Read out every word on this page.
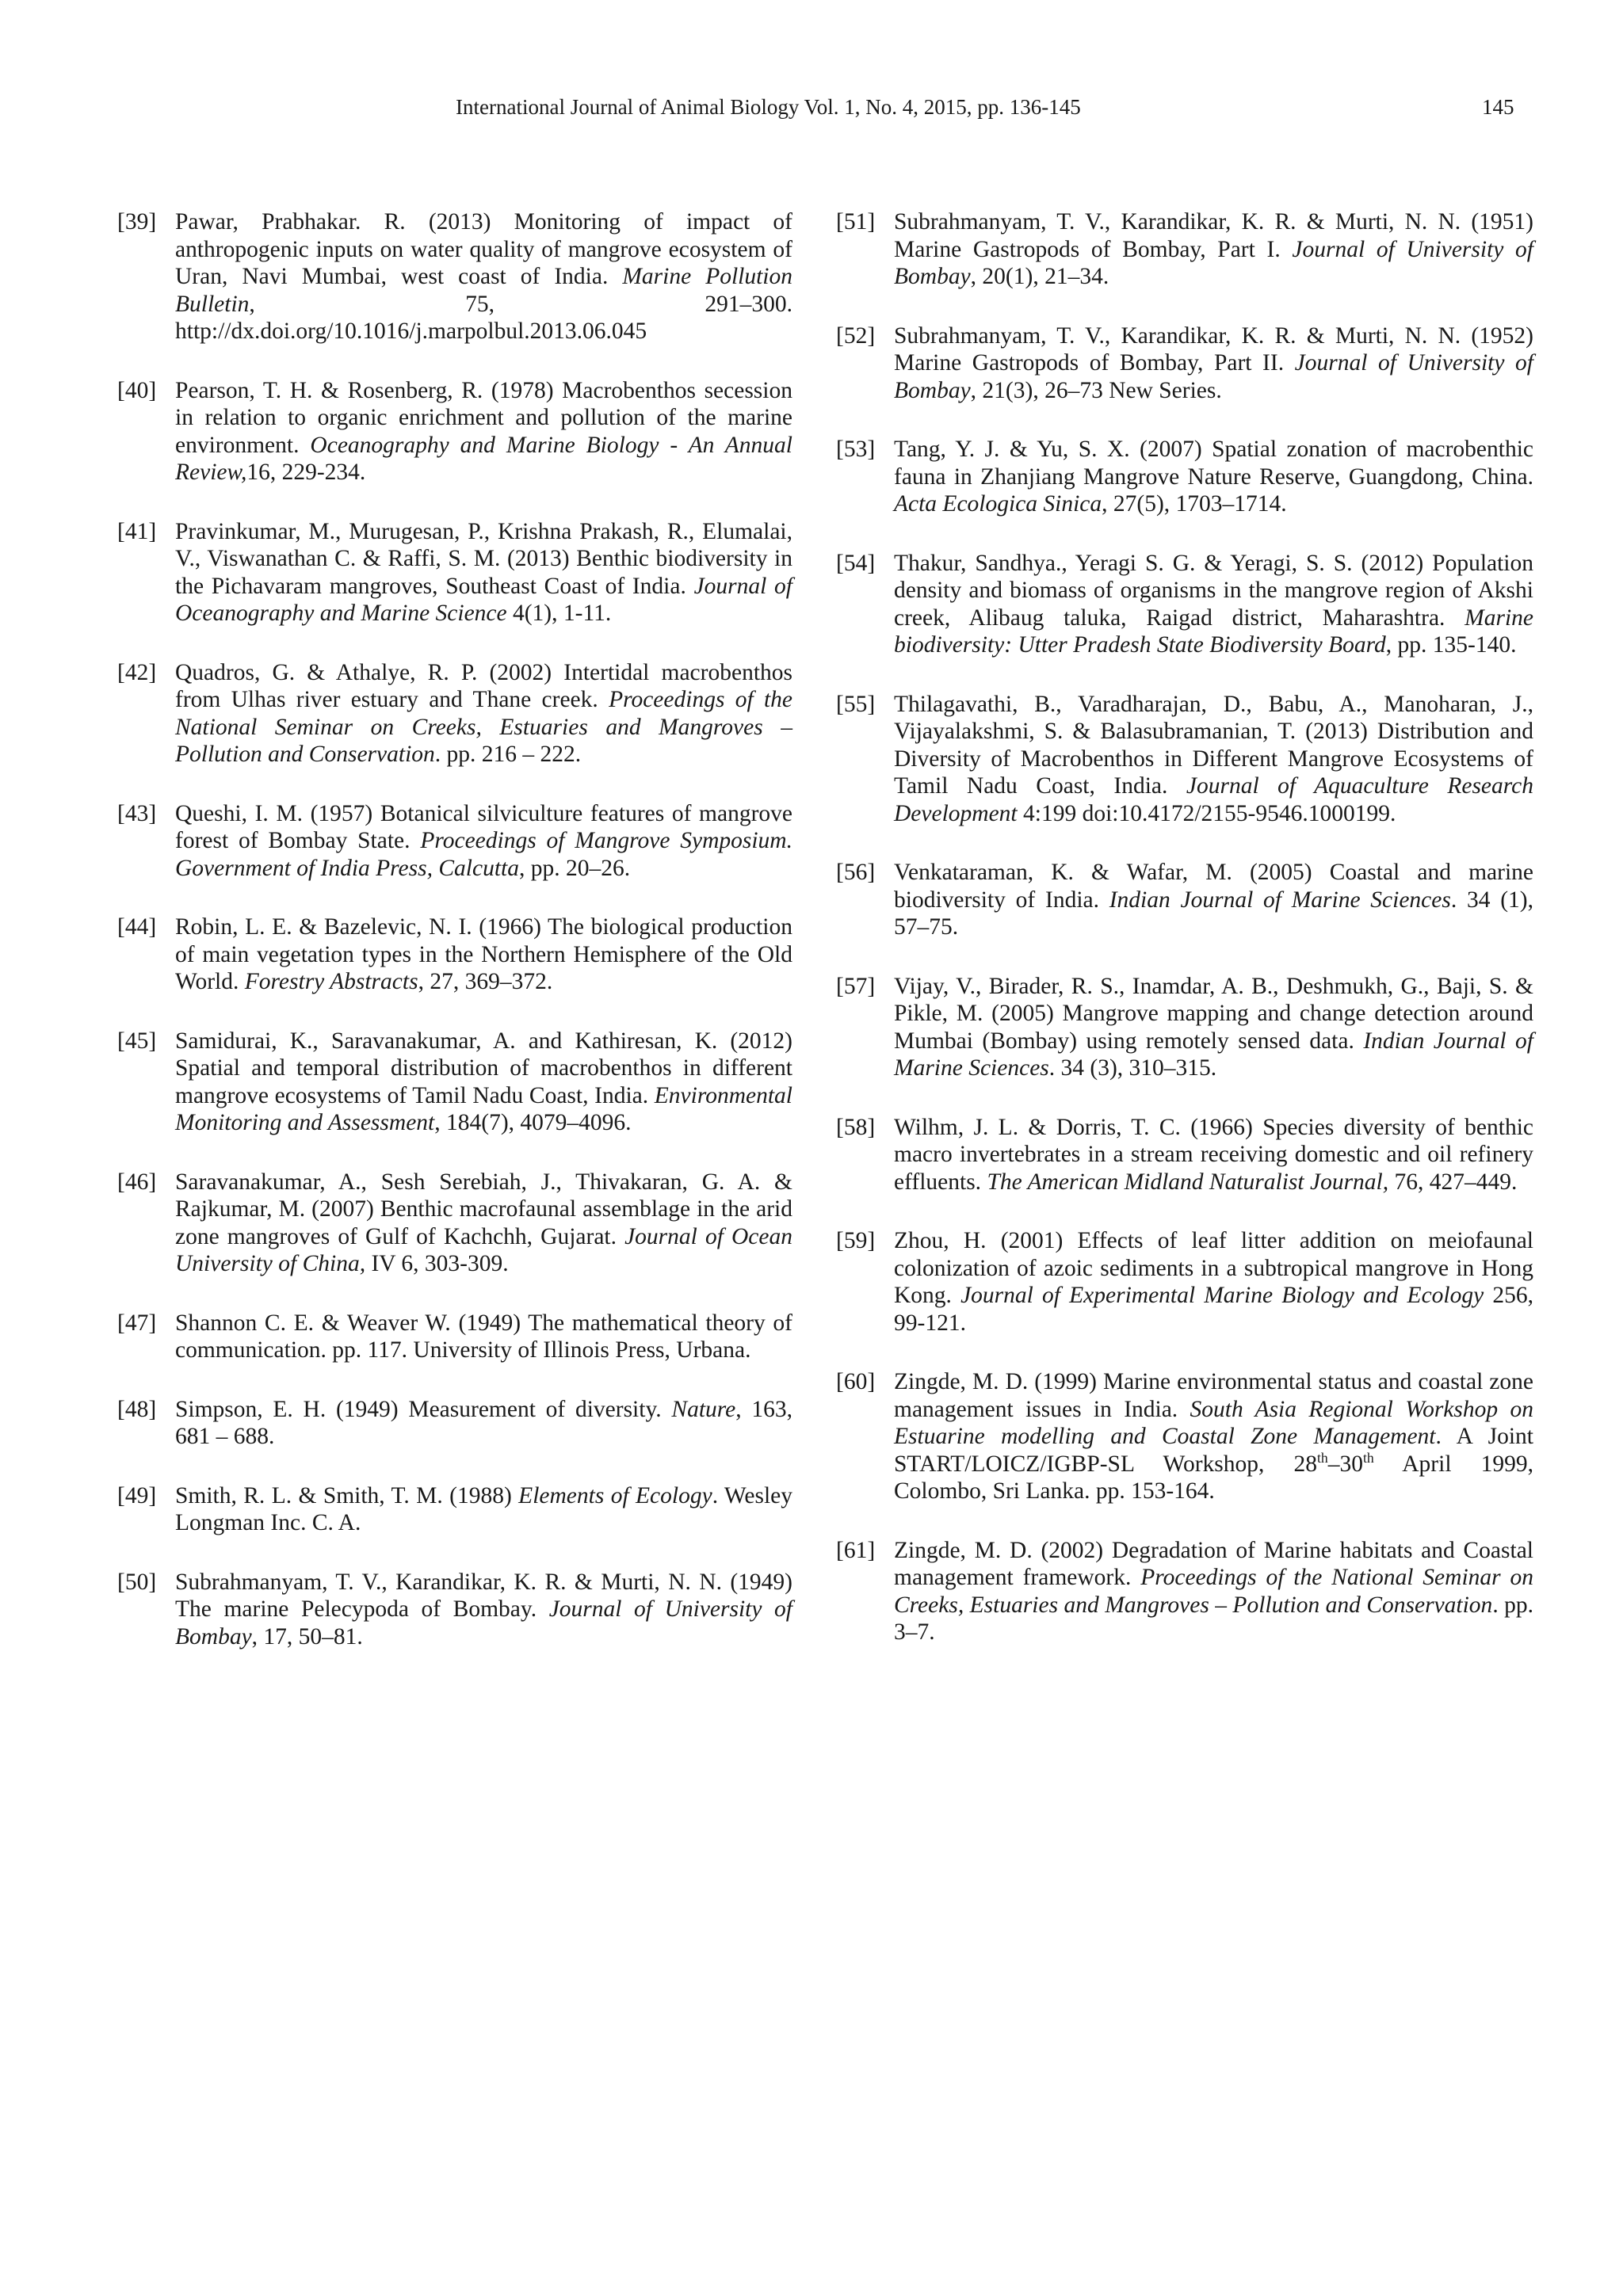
International Journal of Animal Biology Vol. 1, No. 4, 2015, pp. 136-145	145
[39] Pawar, Prabhakar. R. (2013) Monitoring of impact of anthropogenic inputs on water quality of mangrove ecosystem of Uran, Navi Mumbai, west coast of India. Marine Pollution Bulletin, 75, 291–300. http://dx.doi.org/10.1016/j.marpolbul.2013.06.045
[40] Pearson, T. H. & Rosenberg, R. (1978) Macrobenthos secession in relation to organic enrichment and pollution of the marine environment. Oceanography and Marine Biology - An Annual Review,16, 229-234.
[41] Pravinkumar, M., Murugesan, P., Krishna Prakash, R., Elumalai, V., Viswanathan C. & Raffi, S. M. (2013) Benthic biodiversity in the Pichavaram mangroves, Southeast Coast of India. Journal of Oceanography and Marine Science 4(1), 1-11.
[42] Quadros, G. & Athalye, R. P. (2002) Intertidal macrobenthos from Ulhas river estuary and Thane creek. Proceedings of the National Seminar on Creeks, Estuaries and Mangroves – Pollution and Conservation. pp. 216 – 222.
[43] Queshi, I. M. (1957) Botanical silviculture features of mangrove forest of Bombay State. Proceedings of Mangrove Symposium. Government of India Press, Calcutta, pp. 20–26.
[44] Robin, L. E. & Bazelevic, N. I. (1966) The biological production of main vegetation types in the Northern Hemisphere of the Old World. Forestry Abstracts, 27, 369–372.
[45] Samidurai, K., Saravanakumar, A. and Kathiresan, K. (2012) Spatial and temporal distribution of macrobenthos in different mangrove ecosystems of Tamil Nadu Coast, India. Environmental Monitoring and Assessment, 184(7), 4079–4096.
[46] Saravanakumar, A., Sesh Serebiah, J., Thivakaran, G. A. & Rajkumar, M. (2007) Benthic macrofaunal assemblage in the arid zone mangroves of Gulf of Kachchh, Gujarat. Journal of Ocean University of China, IV 6, 303-309.
[47] Shannon C. E. & Weaver W. (1949) The mathematical theory of communication. pp. 117. University of Illinois Press, Urbana.
[48] Simpson, E. H. (1949) Measurement of diversity. Nature, 163, 681 – 688.
[49] Smith, R. L. & Smith, T. M. (1988) Elements of Ecology. Wesley Longman Inc. C. A.
[50] Subrahmanyam, T. V., Karandikar, K. R. & Murti, N. N. (1949) The marine Pelecypoda of Bombay. Journal of University of Bombay, 17, 50–81.
[51] Subrahmanyam, T. V., Karandikar, K. R. & Murti, N. N. (1951) Marine Gastropods of Bombay, Part I. Journal of University of Bombay, 20(1), 21–34.
[52] Subrahmanyam, T. V., Karandikar, K. R. & Murti, N. N. (1952) Marine Gastropods of Bombay, Part II. Journal of University of Bombay, 21(3), 26–73 New Series.
[53] Tang, Y. J. & Yu, S. X. (2007) Spatial zonation of macrobenthic fauna in Zhanjiang Mangrove Nature Reserve, Guangdong, China. Acta Ecologica Sinica, 27(5), 1703–1714.
[54] Thakur, Sandhya., Yeragi S. G. & Yeragi, S. S. (2012) Population density and biomass of organisms in the mangrove region of Akshi creek, Alibaug taluka, Raigad district, Maharashtra. Marine biodiversity: Utter Pradesh State Biodiversity Board, pp. 135-140.
[55] Thilagavathi, B., Varadharajan, D., Babu, A., Manoharan, J., Vijayalakshmi, S. & Balasubramanian, T. (2013) Distribution and Diversity of Macrobenthos in Different Mangrove Ecosystems of Tamil Nadu Coast, India. Journal of Aquaculture Research Development 4:199 doi:10.4172/2155-9546.1000199.
[56] Venkataraman, K. & Wafar, M. (2005) Coastal and marine biodiversity of India. Indian Journal of Marine Sciences. 34 (1), 57–75.
[57] Vijay, V., Birader, R. S., Inamdar, A. B., Deshmukh, G., Baji, S. & Pikle, M. (2005) Mangrove mapping and change detection around Mumbai (Bombay) using remotely sensed data. Indian Journal of Marine Sciences. 34 (3), 310–315.
[58] Wilhm, J. L. & Dorris, T. C. (1966) Species diversity of benthic macro invertebrates in a stream receiving domestic and oil refinery effluents. The American Midland Naturalist Journal, 76, 427–449.
[59] Zhou, H. (2001) Effects of leaf litter addition on meiofaunal colonization of azoic sediments in a subtropical mangrove in Hong Kong. Journal of Experimental Marine Biology and Ecology 256, 99-121.
[60] Zingde, M. D. (1999) Marine environmental status and coastal zone management issues in India. South Asia Regional Workshop on Estuarine modelling and Coastal Zone Management. A Joint START/LOICZ/IGBP-SL Workshop, 28th–30th April 1999, Colombo, Sri Lanka. pp. 153-164.
[61] Zingde, M. D. (2002) Degradation of Marine habitats and Coastal management framework. Proceedings of the National Seminar on Creeks, Estuaries and Mangroves – Pollution and Conservation. pp. 3–7.
